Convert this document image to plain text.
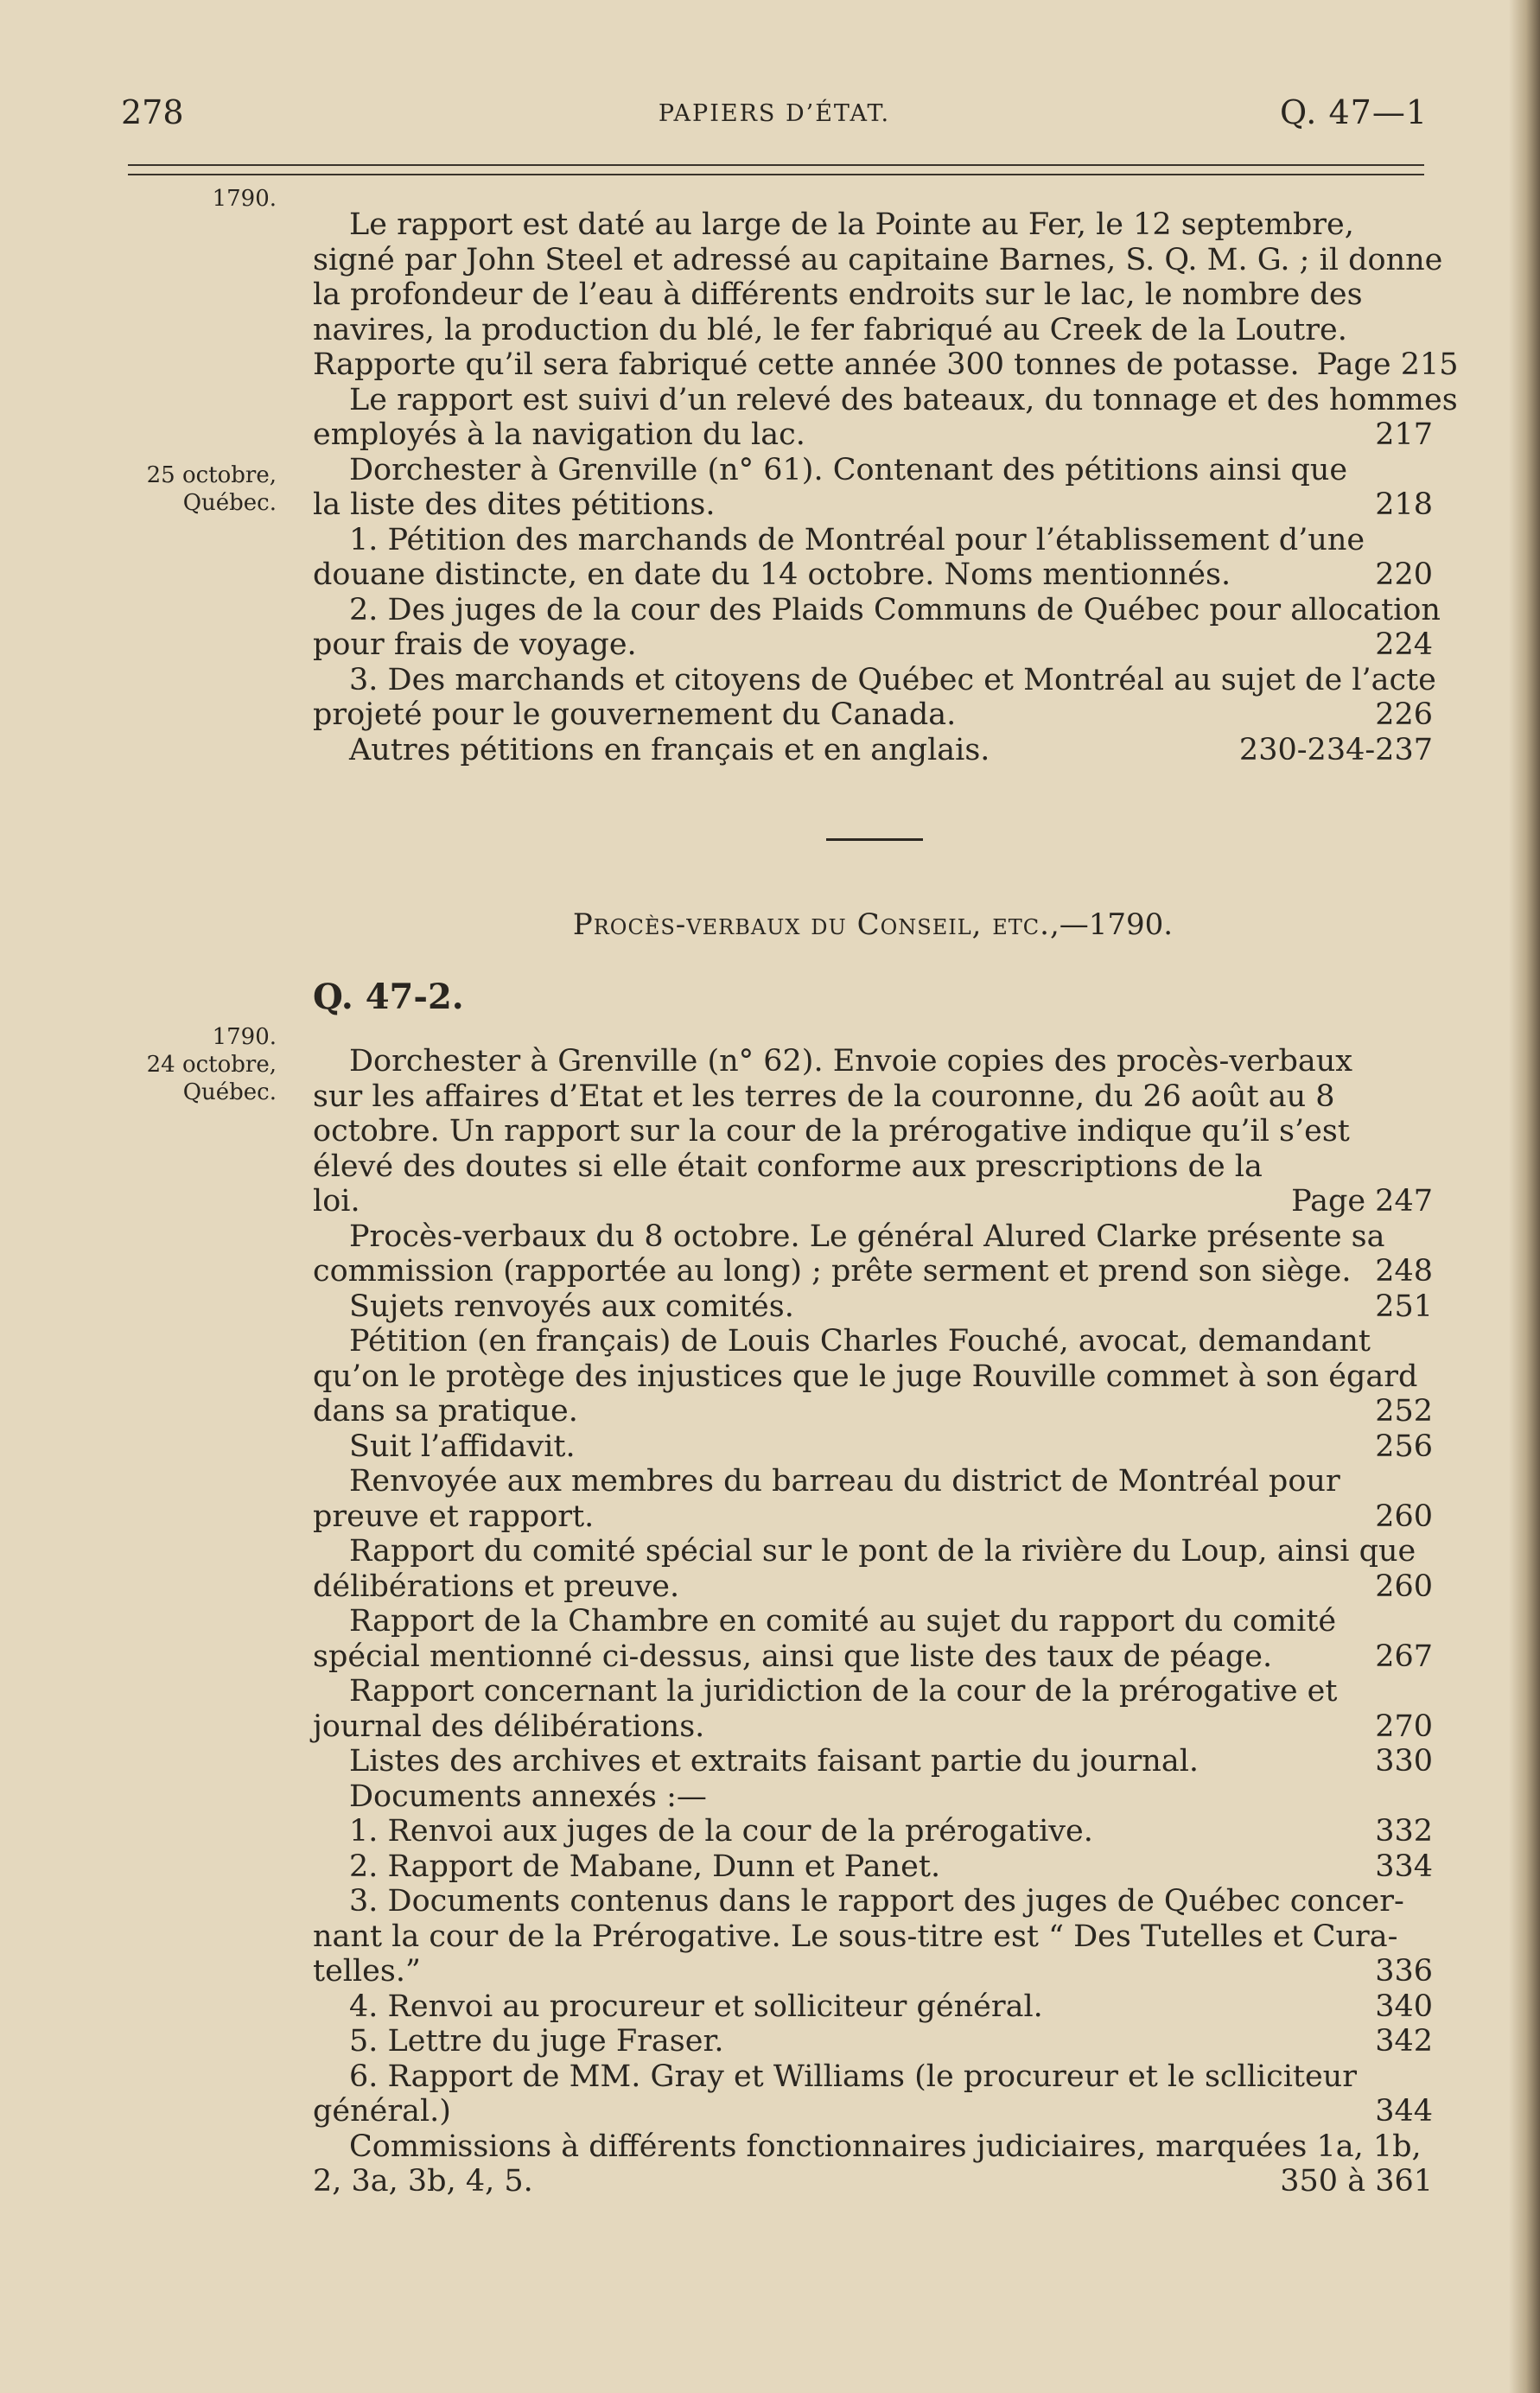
278	PAPIERS D’ÉTAT.	Q. 47—1
1790.
25 octobre,
Québec.
1790.
24 octobre,
Québec.
Le rapport est daté au large de la Pointe au Fer, le 12 septembre,
signé par John Steel et adressé au capitaine Barnes, S. Q. M. G. ; il donne
la profondeur de l’eau à différents endroits sur le lac, le nombre des
navires, la production du blé, le fer fabriqué au Creek de la Loutre.
Rapporte qu’il sera fabriqué cette année 300 tonnes de potasse. Page 215
Le rapport est suivi d’un relevé des bateaux, du tonnage et des hommes
employés à la navigation du lac.	217
Dorchester à Grenville (n° 61). Contenant des pétitions ainsi que
la liste des dites pétitions.	218
1. Pétition des marchands de Montréal pour l’établissement d’une
douane distincte, en date du 14 octobre. Noms mentionnés.	220
2. Des juges de la cour des Plaids Communs de Québec pour allocation
pour frais de voyage.	224
3. Des marchands et citoyens de Québec et Montréal au sujet de l’acte
projeté pour le gouvernement du Canada.	226
Autres pétitions en français et en anglais.	230-234-237
Procès-verbaux du Conseil, etc.,—1790.
Q. 47-2.
Dorchester à Grenville (n° 62). Envoie copies des procès-verbaux
sur les affaires d’Etat et les terres de la couronne, du 26 août au 8
octobre. Un rapport sur la cour de la prérogative indique qu’il s’est
élevé des doutes si elle était conforme aux prescriptions de la
loi.	Page 247
Procès-verbaux du 8 octobre. Le général Alured Clarke présente sa
commission (rapportée au long) ; prête serment et prend son siège. 248
Sujets renvoyés aux comités.	251
Pétition (en français) de Louis Charles Fouché, avocat, demandant
qu’on le protège des injustices que le juge Rouville commet à son égard
dans sa pratique.	252
Suit l’affidavit.	256
Renvoyée aux membres du barreau du district de Montréal pour
preuve et rapport.	260
Rapport du comité spécial sur le pont de la rivière du Loup, ainsi que
délibérations et preuve.	260
Rapport de la Chambre en comité au sujet du rapport du comité
spécial mentionné ci-dessus, ainsi que liste des taux de péage.	267
Rapport concernant la juridiction de la cour de la prérogative et
journal des délibérations.	270
Listes des archives et extraits faisant partie du journal.	330
Documents annexés :—
1. Renvoi aux juges de la cour de la prérogative.	332
2. Rapport de Mabane, Dunn et Panet.	334
3. Documents contenus dans le rapport des juges de Québec concer-
nant la cour de la Prérogative. Le sous-titre est “ Des Tutelles et Cura-
telles.”	336
4. Renvoi au procureur et solliciteur général.	340
5. Lettre du juge Fraser.	342
6. Rapport de MM. Gray et Williams (le procureur et le sclliciteur
général.)	344
Commissions à différents fonctionnaires judiciaires, marquées 1a, 1b,
2, 3a, 3b, 4, 5.	350 à 361
